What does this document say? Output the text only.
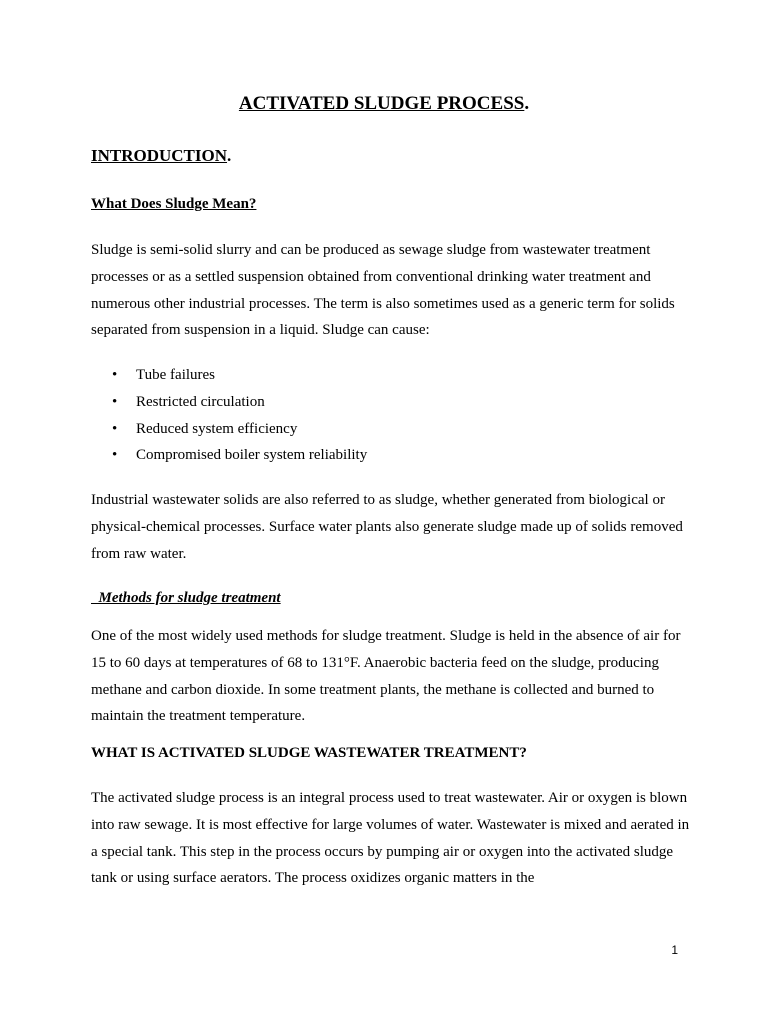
ACTIVATED SLUDGE PROCESS.
INTRODUCTION.
What Does Sludge Mean?

Sludge is semi-solid slurry and can be produced as sewage sludge from wastewater treatment processes or as a settled suspension obtained from conventional drinking water treatment and numerous other industrial processes. The term is also sometimes used as a generic term for solids separated from suspension in a liquid. Sludge can cause:

• Tube failures
• Restricted circulation
• Reduced system efficiency
• Compromised boiler system reliability

Industrial wastewater solids are also referred to as sludge, whether generated from biological or physical-chemical processes. Surface water plants also generate sludge made up of solids removed from raw water.

Methods for sludge treatment

One of the most widely used methods for sludge treatment. Sludge is held in the absence of air for 15 to 60 days at temperatures of 68 to 131°F. Anaerobic bacteria feed on the sludge, producing methane and carbon dioxide. In some treatment plants, the methane is collected and burned to maintain the treatment temperature.

WHAT IS ACTIVATED SLUDGE WASTEWATER TREATMENT?

The activated sludge process is an integral process used to treat wastewater. Air or oxygen is blown into raw sewage. It is most effective for large volumes of water. Wastewater is mixed and aerated in a special tank. This step in the process occurs by pumping air or oxygen into the activated sludge tank or using surface aerators. The process oxidizes organic matters in the

1
